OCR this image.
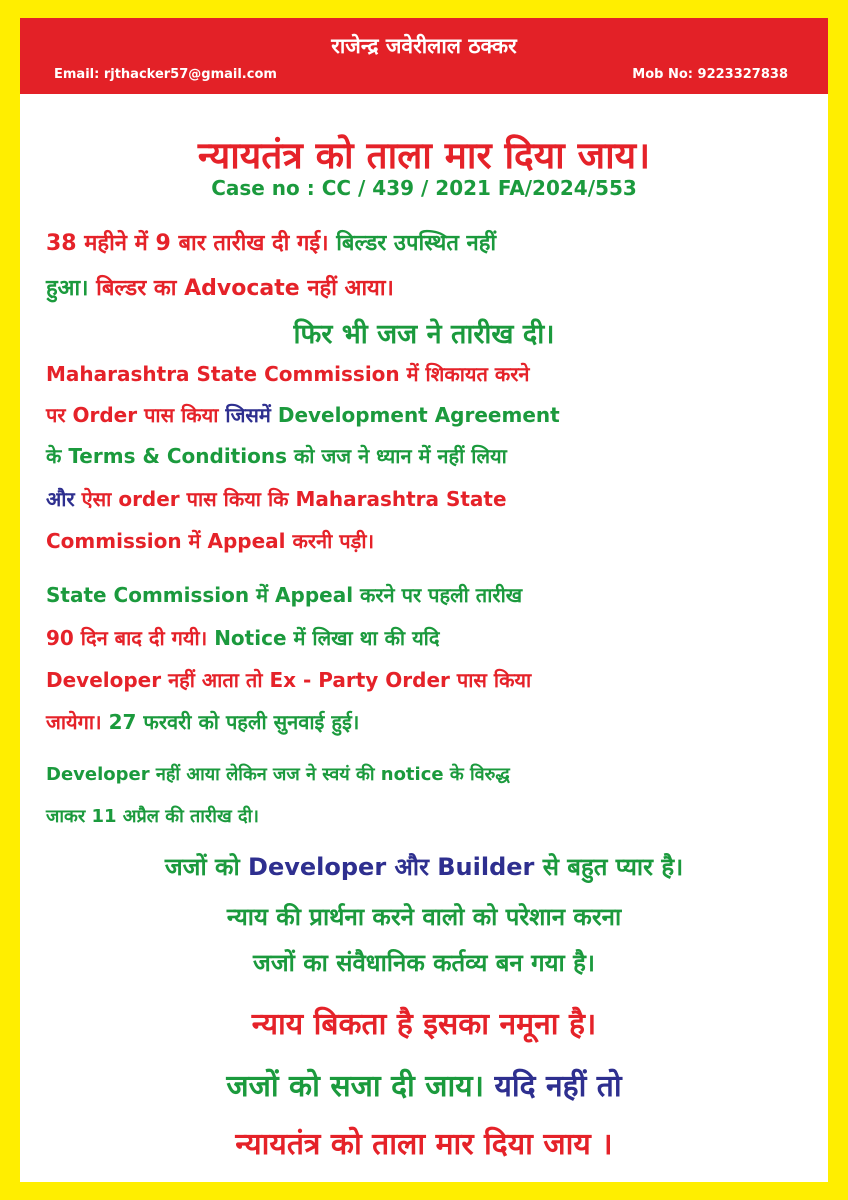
राजेन्द्र जवेरीलाल ठक्कर
Email: rjthacker57@gmail.com	Mob No: 9223327838
न्यायतंत्र को ताला मार दिया जाय।
Case no : CC / 439 / 2021 FA/2024/553
38 महीने में 9 बार तारीख दी गई। बिल्डर उपस्थित नहीं
हुआ। बिल्डर का Advocate नहीं आया।
फिर भी जज ने तारीख दी।
Maharashtra State Commission में शिकायत करने
पर Order पास किया जिसमें Development Agreement
के Terms & Conditions को जज ने ध्यान में नहीं लिया
और ऐसा order पास किया कि Maharashtra State
Commission में Appeal करनी पड़ी।
State Commission में Appeal करने पर पहली तारीख
90 दिन बाद दी गयी। Notice में लिखा था की यदि
Developer नहीं आता तो Ex - Party Order पास किया
जायेगा। 27 फरवरी को पहली सुनवाई हुई।
Developer नहीं आया लेकिन जज ने स्वयं की notice के विरुद्ध
जाकर 11 अप्रैल की तारीख दी।
जजों को Developer और Builder से बहुत प्यार है।
न्याय की प्रार्थना करने वालो को परेशान करना
जजों का संवैधानिक कर्तव्य बन गया है।
न्याय बिकता है इसका नमूना है।
जजों को सजा दी जाय। यदि नहीं तो
न्यायतंत्र को ताला मार दिया जाय ।
